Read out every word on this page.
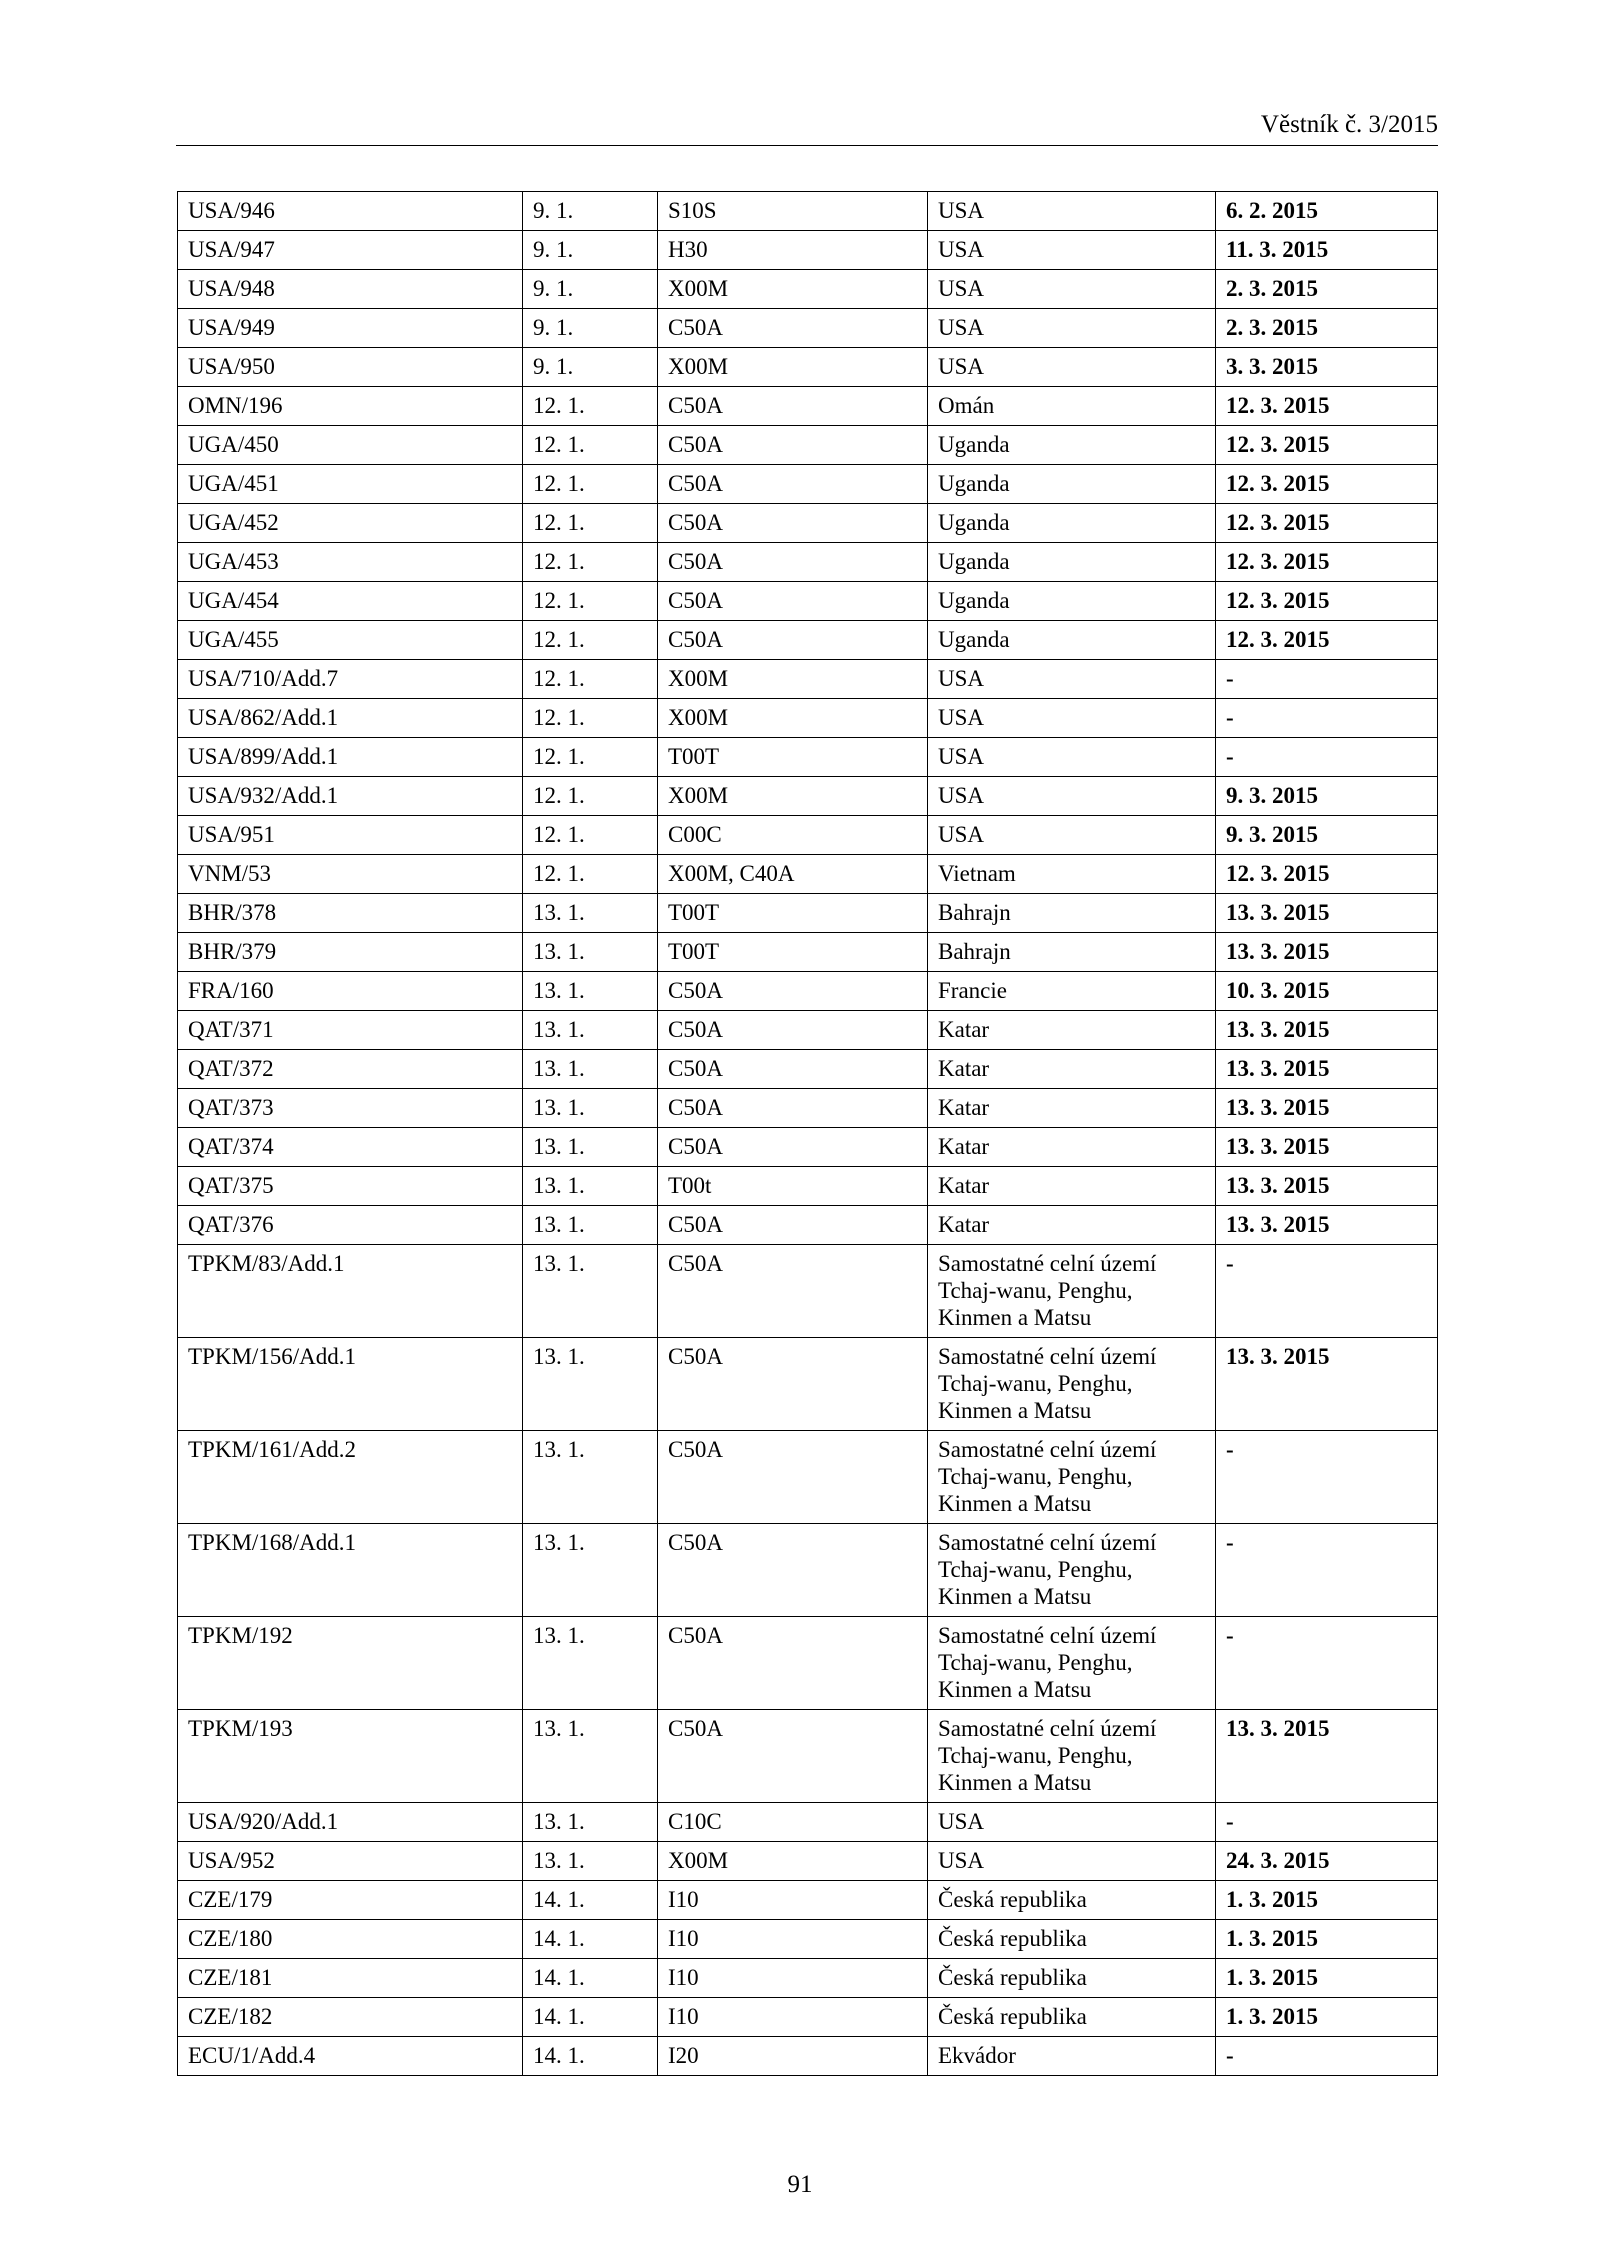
Věstník č. 3/2015
USA/946	9. 1.	S10S	USA	6. 2. 2015
USA/947	9. 1.	H30	USA	11. 3. 2015
USA/948	9. 1.	X00M	USA	2. 3. 2015
USA/949	9. 1.	C50A	USA	2. 3. 2015
USA/950	9. 1.	X00M	USA	3. 3. 2015
OMN/196	12. 1.	C50A	Omán	12. 3. 2015
UGA/450	12. 1.	C50A	Uganda	12. 3. 2015
UGA/451	12. 1.	C50A	Uganda	12. 3. 2015
UGA/452	12. 1.	C50A	Uganda	12. 3. 2015
UGA/453	12. 1.	C50A	Uganda	12. 3. 2015
UGA/454	12. 1.	C50A	Uganda	12. 3. 2015
UGA/455	12. 1.	C50A	Uganda	12. 3. 2015
USA/710/Add.7	12. 1.	X00M	USA	-
USA/862/Add.1	12. 1.	X00M	USA	-
USA/899/Add.1	12. 1.	T00T	USA	-
USA/932/Add.1	12. 1.	X00M	USA	9. 3. 2015
USA/951	12. 1.	C00C	USA	9. 3. 2015
VNM/53	12. 1.	X00M, C40A	Vietnam	12. 3. 2015
BHR/378	13. 1.	T00T	Bahrajn	13. 3. 2015
BHR/379	13. 1.	T00T	Bahrajn	13. 3. 2015
FRA/160	13. 1.	C50A	Francie	10. 3. 2015
QAT/371	13. 1.	C50A	Katar	13. 3. 2015
QAT/372	13. 1.	C50A	Katar	13. 3. 2015
QAT/373	13. 1.	C50A	Katar	13. 3. 2015
QAT/374	13. 1.	C50A	Katar	13. 3. 2015
QAT/375	13. 1.	T00t	Katar	13. 3. 2015
QAT/376	13. 1.	C50A	Katar	13. 3. 2015
TPKM/83/Add.1	13. 1.	C50A	Samostatné celní území Tchaj-wanu, Penghu, Kinmen a Matsu	-
TPKM/156/Add.1	13. 1.	C50A	Samostatné celní území Tchaj-wanu, Penghu, Kinmen a Matsu	13. 3. 2015
TPKM/161/Add.2	13. 1.	C50A	Samostatné celní území Tchaj-wanu, Penghu, Kinmen a Matsu	-
TPKM/168/Add.1	13. 1.	C50A	Samostatné celní území Tchaj-wanu, Penghu, Kinmen a Matsu	-
TPKM/192	13. 1.	C50A	Samostatné celní území Tchaj-wanu, Penghu, Kinmen a Matsu	-
TPKM/193	13. 1.	C50A	Samostatné celní území Tchaj-wanu, Penghu, Kinmen a Matsu	13. 3. 2015
USA/920/Add.1	13. 1.	C10C	USA	-
USA/952	13. 1.	X00M	USA	24. 3. 2015
CZE/179	14. 1.	I10	Česká republika	1. 3. 2015
CZE/180	14. 1.	I10	Česká republika	1. 3. 2015
CZE/181	14. 1.	I10	Česká republika	1. 3. 2015
CZE/182	14. 1.	I10	Česká republika	1. 3. 2015
ECU/1/Add.4	14. 1.	I20	Ekvádor	-
91
